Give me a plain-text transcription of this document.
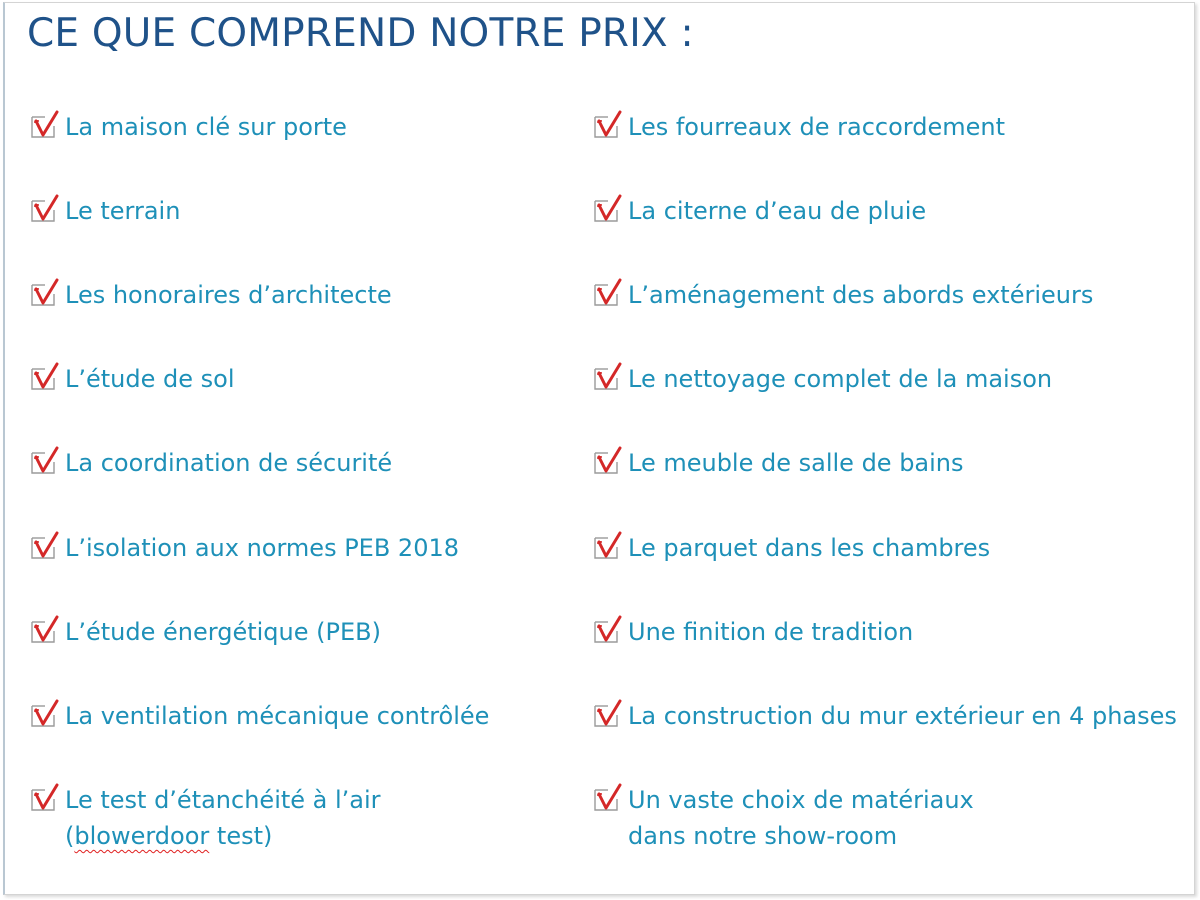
CE QUE COMPREND NOTRE PRIX :
La maison clé sur porte
Le terrain
Les honoraires d’architecte
L’étude de sol
La coordination de sécurité
L’isolation aux normes PEB 2018
L’étude énergétique (PEB)
La ventilation mécanique contrôlée
Le test d’étanchéité à l’air
(blowerdoor test)
Les fourreaux de raccordement
La citerne d’eau de pluie
L’aménagement des abords extérieurs
Le nettoyage complet de la maison
Le meuble de salle de bains
Le parquet dans les chambres
Une finition de tradition
La construction du mur extérieur en 4 phases
Un vaste choix de matériaux
dans notre show-room
